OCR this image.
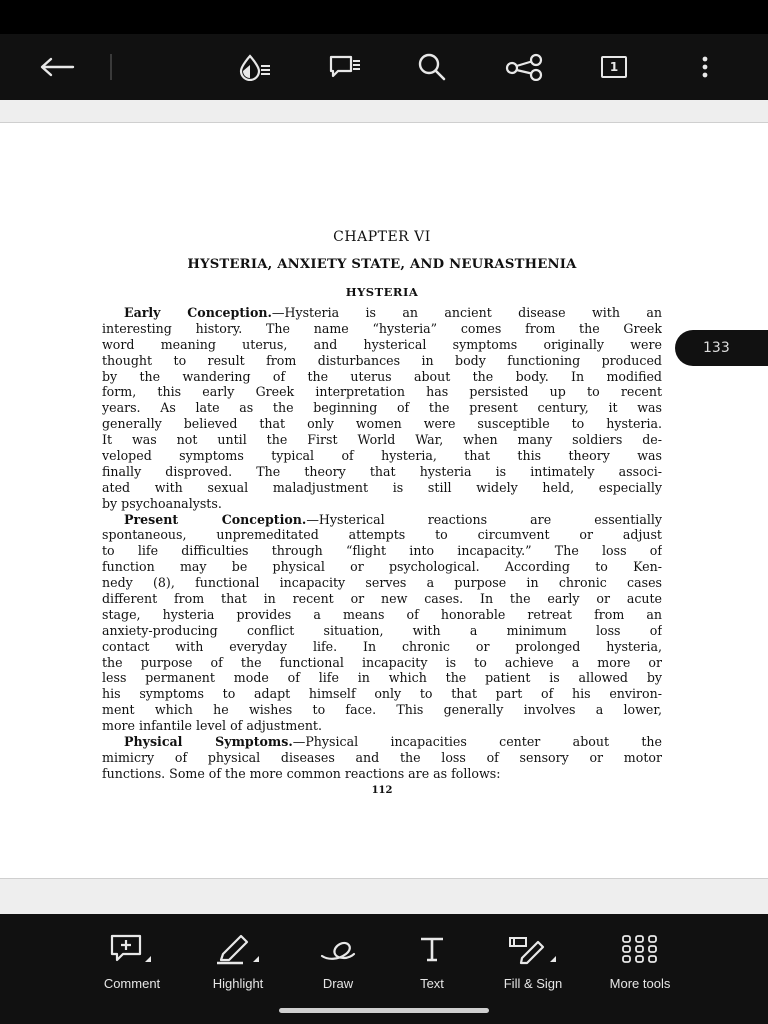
1

CHAPTER VI

HYSTERIA, ANXIETY STATE, AND NEURASTHENIA

HYSTERIA

Early Conception.—Hysteria is an ancient disease with an
interesting history. The name “hysteria” comes from the Greek
word meaning uterus, and hysterical symptoms originally were
thought to result from disturbances in body functioning produced
by the wandering of the uterus about the body. In modified
form, this early Greek interpretation has persisted up to recent
years. As late as the beginning of the present century, it was
generally believed that only women were susceptible to hysteria.
It was not until the First World War, when many soldiers de-
veloped symptoms typical of hysteria, that this theory was
finally disproved. The theory that hysteria is intimately associ-
ated with sexual maladjustment is still widely held, especially
by psychoanalysts.
Present Conception.—Hysterical reactions are essentially
spontaneous, unpremeditated attempts to circumvent or adjust
to life difficulties through “flight into incapacity.” The loss of
function may be physical or psychological. According to Ken-
nedy (8), functional incapacity serves a purpose in chronic cases
different from that in recent or new cases. In the early or acute
stage, hysteria provides a means of honorable retreat from an
anxiety-producing conflict situation, with a minimum loss of
contact with everyday life. In chronic or prolonged hysteria,
the purpose of the functional incapacity is to achieve a more or
less permanent mode of life in which the patient is allowed by
his symptoms to adapt himself only to that part of his environ-
ment which he wishes to face. This generally involves a lower,
more infantile level of adjustment.
Physical Symptoms.—Physical incapacities center about the
mimicry of physical diseases and the loss of sensory or motor
functions. Some of the more common reactions are as follows:
112
133
Comment	Highlight	Draw	Text	Fill & Sign	More tools
